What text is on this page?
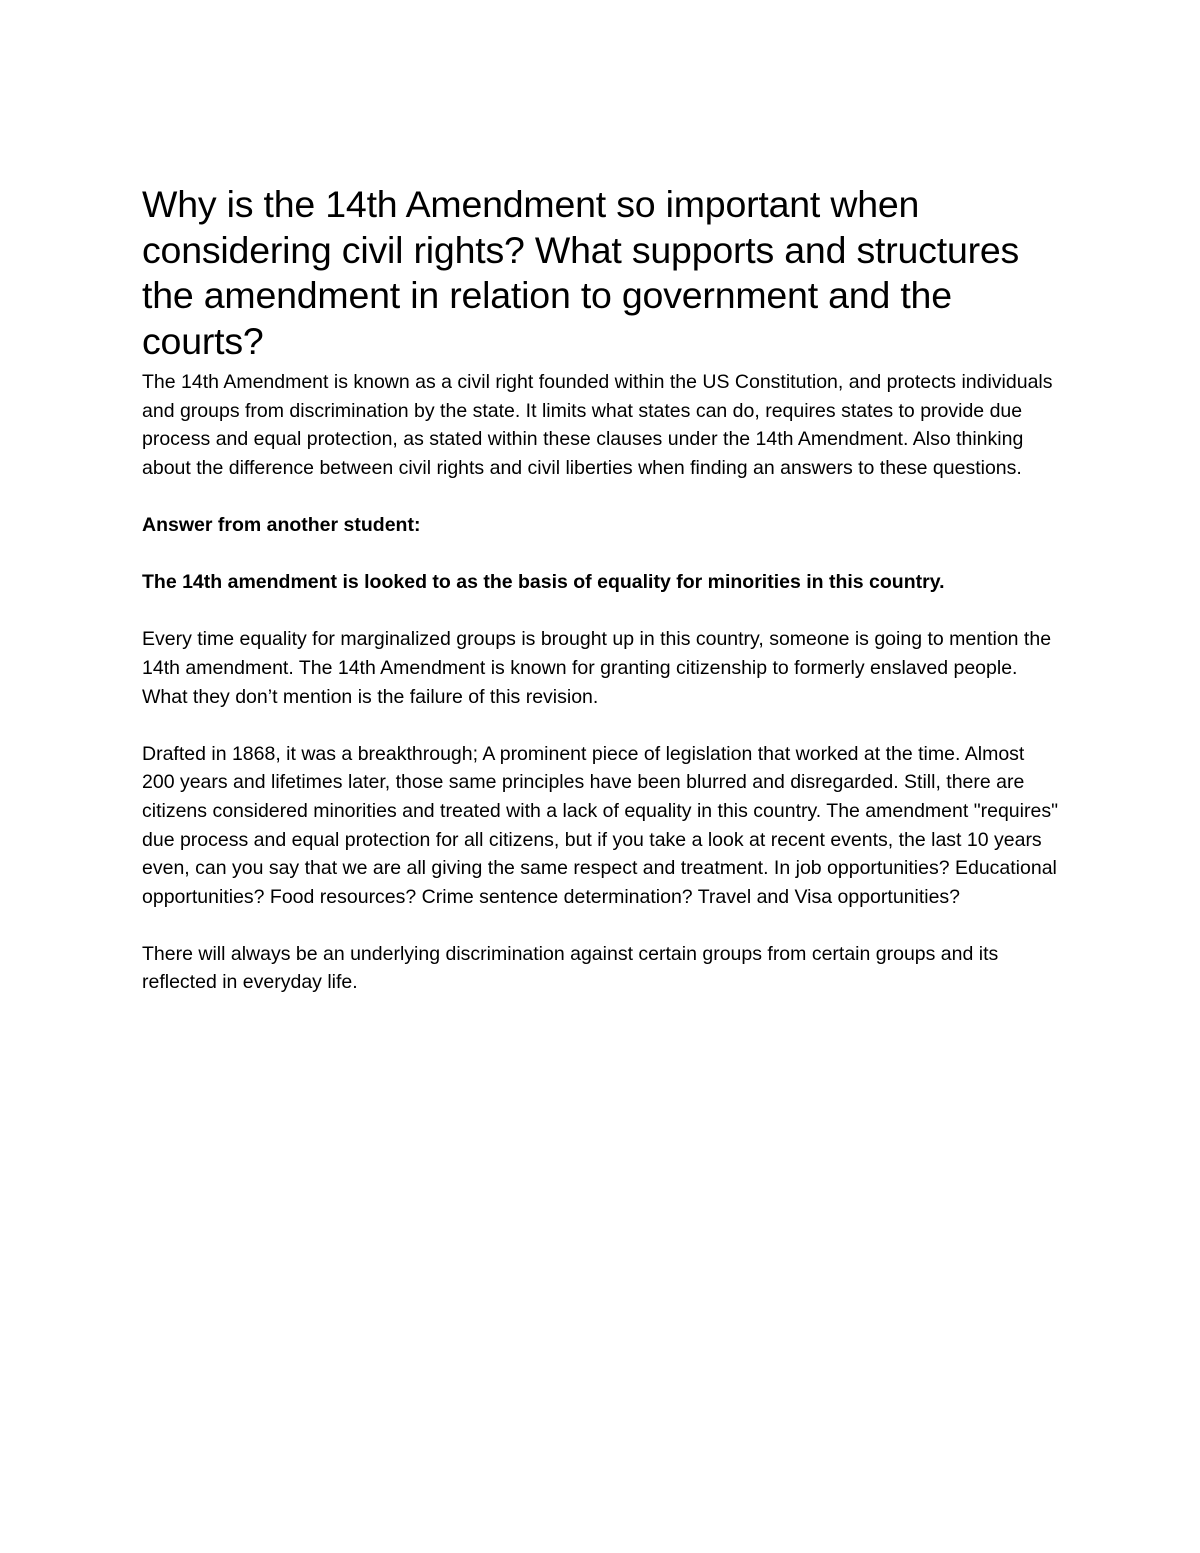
Why is the 14th Amendment so important when considering civil rights? What supports and structures the amendment in relation to government and the courts?

The 14th Amendment is known as a civil right founded within the US Constitution, and protects individuals and groups from discrimination by the state. It limits what states can do, requires states to provide due process and equal protection, as stated within these clauses under the 14th Amendment. Also thinking about the difference between civil rights and civil liberties when finding an answers to these questions.

Answer from another student:

The 14th amendment is looked to as the basis of equality for minorities in this country.

Every time equality for marginalized groups is brought up in this country, someone is going to mention the 14th amendment. The 14th Amendment is known for granting citizenship to formerly enslaved people. What they don’t mention is the failure of this revision.

Drafted in 1868, it was a breakthrough; A prominent piece of legislation that worked at the time. Almost 200 years and lifetimes later, those same principles have been blurred and disregarded. Still, there are citizens considered minorities and treated with a lack of equality in this country. The amendment "requires" due process and equal protection for all citizens, but if you take a look at recent events, the last 10 years even, can you say that we are all giving the same respect and treatment. In job opportunities? Educational opportunities? Food resources? Crime sentence determination? Travel and Visa opportunities?

There will always be an underlying discrimination against certain groups from certain groups and its reflected in everyday life.
